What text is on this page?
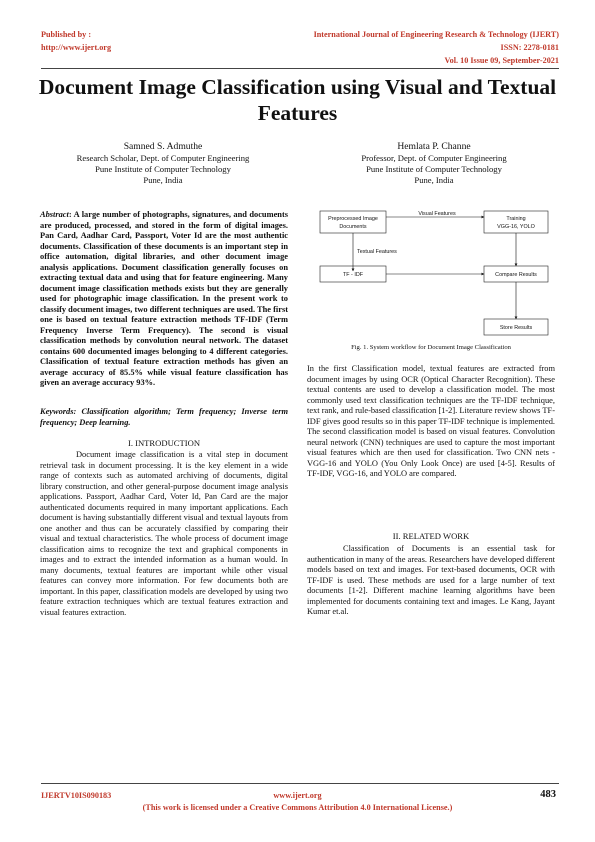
Published by :
http://www.ijert.org
International Journal of Engineering Research & Technology (IJERT)
ISSN: 2278-0181
Vol. 10 Issue 09, September-2021
Document Image Classification using Visual and Textual Features
Samned S. Admuthe
Research Scholar, Dept. of Computer Engineering
Pune Institute of Computer Technology
Pune, India
Hemlata P. Channe
Professor, Dept. of Computer Engineering
Pune Institute of Computer Technology
Pune, India
Abstract: A large number of photographs, signatures, and documents are produced, processed, and stored in the form of digital images. Pan Card, Aadhar Card, Passport, Voter Id are the most authentic documents. Classification of these documents is an important step in office automation, digital libraries, and other document image analysis applications. Document classification generally focuses on extracting textual data and using that for feature engineering. Many document image classification methods exists but they are generally used for photographic image classification. In the present work to classify document images, two different techniques are used. The first one is based on textual feature extraction methods TF-IDF (Term Frequency Inverse Term Frequency). The second is visual classification methods by convolution neural network. The dataset contains 600 documented images belonging to 4 different categories. Classification of textual feature extraction methods has given an average accuracy of 85.5% while visual feature classification has given an average accuracy 93%.
Keywords: Classification algorithm; Term frequency; Inverse term frequency; Deep learning.
I. INTRODUCTION
Document image classification is a vital step in document retrieval task in document processing. It is the key element in a wide range of contexts such as automated archiving of documents, digital library construction, and other general-purpose document image analysis applications. Passport, Aadhar Card, Voter Id, Pan Card are the major authenticated documents required in many important applications. Each document is having substantially different visual and textual layouts from one another and thus can be accurately classified by comparing their visual and textual characteristics. The whole process of document image classification aims to recognize the text and graphical components in images and to extract the intended information as a human would. In many documents, textual features are important while other visual features can convey more information. For few documents both are important. In this paper, classification models are developed by using two feature extraction techniques which are textual features extraction and visual features extraction.
Preprocessed Image
Documents
Training
VGG-16, YOLO
Visual Features
Textual Features
TF - IDF	Compare Results
Store Results
Fig. 1. System workflow for Document Image Classification
In the first Classification model, textual features are extracted from document images by using OCR (Optical Character Recognition). These textual contents are used to develop a classification model. The most commonly used text classification techniques are the TF-IDF technique, text rank, and rule-based classification [1-2]. Literature review shows TF-IDF gives good results so in this paper TF-IDF technique is implemented. The second classification model is based on visual features. Convolution neural network (CNN) techniques are used to capture the most important visual features which are then used for classification. Two CNN nets - VGG-16 and YOLO (You Only Look Once) are used [4-5]. Results of TF-IDF, VGG-16, and YOLO are compared.
II. RELATED WORK
Classification of Documents is an essential task for authentication in many of the areas. Researchers have developed different models based on text and images. For text-based documents, OCR with TF-IDF is used. These methods are used for a large number of text documents [1-2]. Different machine learning algorithms have been implemented for documents containing text and images. Le Kang, Jayant Kumar et.al.
IJERTV10IS090183	www.ijert.org	483
(This work is licensed under a Creative Commons Attribution 4.0 International License.)
